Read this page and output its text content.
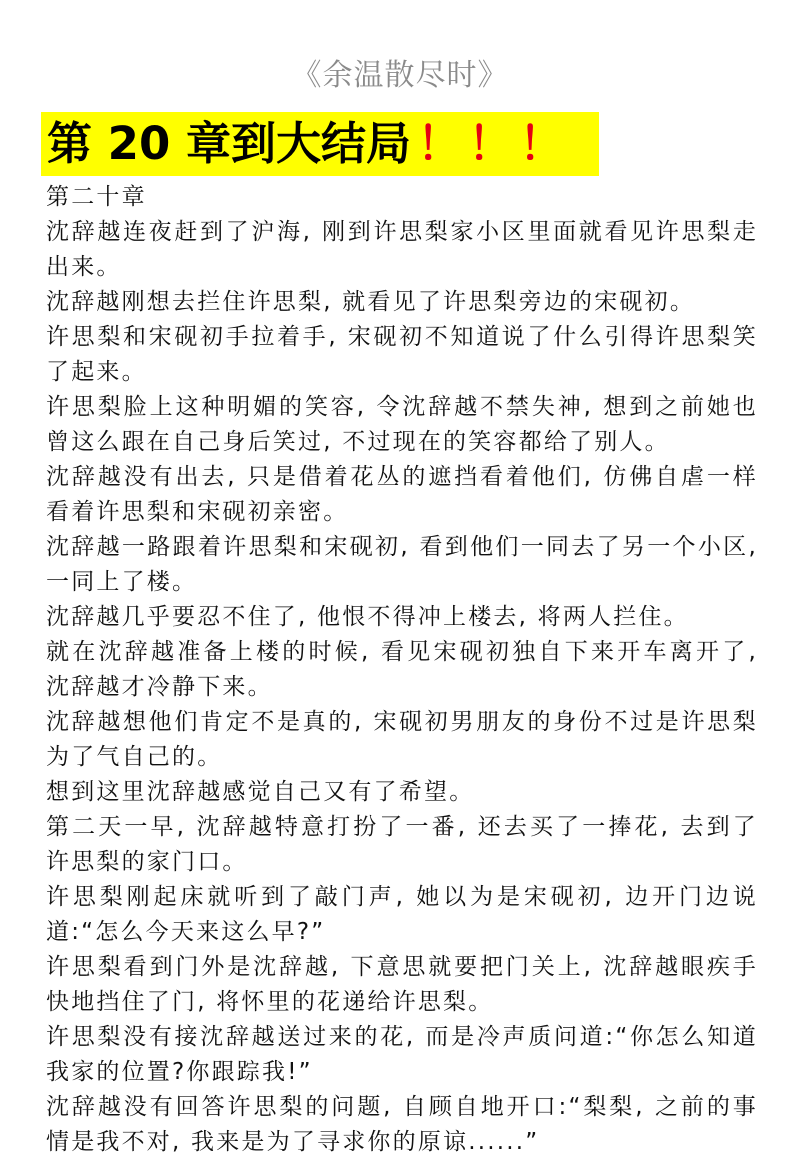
《余温散尽时》
第 20 章到大结局 ！！！

第二十章

沈辞越连夜赶到了沪海, 刚到许思梨家小区里面就看见许思梨走出来。

沈辞越刚想去拦住许思梨, 就看见了许思梨旁边的宋砚初。

许思梨和宋砚初手拉着手, 宋砚初不知道说了什么引得许思梨笑了起来。

许思梨脸上这种明媚的笑容, 令沈辞越不禁失神, 想到之前她也曾这么跟在自己身后笑过, 不过现在的笑容都给了别人。

沈辞越没有出去, 只是借着花丛的遮挡看着他们, 仿佛自虐一样看着许思梨和宋砚初亲密。

沈辞越一路跟着许思梨和宋砚初, 看到他们一同去了另一个小区, 一同上了楼。

沈辞越几乎要忍不住了, 他恨不得冲上楼去, 将两人拦住。

就在沈辞越准备上楼的时候, 看见宋砚初独自下来开车离开了, 沈辞越才冷静下来。

沈辞越想他们肯定不是真的, 宋砚初男朋友的身份不过是许思梨为了气自己的。

想到这里沈辞越感觉自己又有了希望。

第二天一早, 沈辞越特意打扮了一番, 还去买了一捧花, 去到了许思梨的家门口。

许思梨刚起床就听到了敲门声, 她以为是宋砚初, 边开门边说道:“怎么今天来这么早?”

许思梨看到门外是沈辞越, 下意思就要把门关上, 沈辞越眼疾手快地挡住了门, 将怀里的花递给许思梨。

许思梨没有接沈辞越送过来的花, 而是冷声质问道:“你怎么知道我家的位置?你跟踪我!”

沈辞越没有回答许思梨的问题, 自顾自地开口:“梨梨, 之前的事情是我不对, 我来是为了寻求你的原谅......”
